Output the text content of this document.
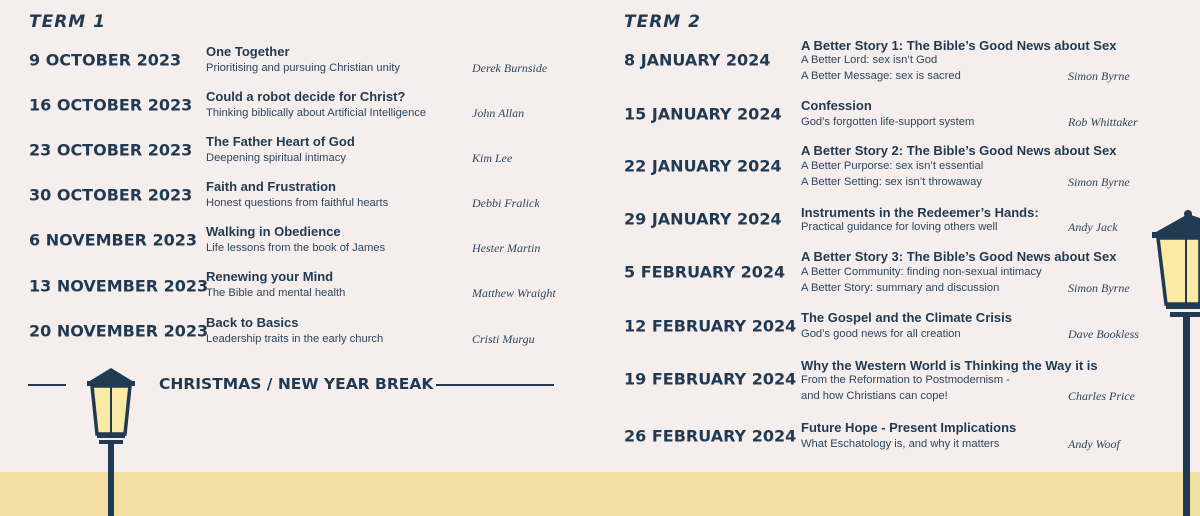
TERM 1
9 OCTOBER 2023 One Together
Prioritising and pursuing Christian unity	Derek Burnside
16 OCTOBER 2023 Could a robot decide for Christ?
Thinking biblically about Artificial Intelligence	John Allan
23 OCTOBER 2023 The Father Heart of God
Deepening spiritual intimacy	Kim Lee
30 OCTOBER 2023 Faith and Frustration
Honest questions from faithful hearts	Debbi Fralick
6 NOVEMBER 2023 Walking in Obedience
Life lessons from the book of James	Hester Martin
13 NOVEMBER 2023
Renewing your Mind
The Bible and mental health	Matthew Wraight
20 NOVEMBER 2023
Back to Basics
Leadership traits in the early church	Cristi Murgu
CHRISTMAS / NEW YEAR BREAK
TERM 2
8 JANUARY 2024
A Better Story 1: The Bible’s Good News about Sex
A Better Lord: sex isn’t God
A Better Message: sex is sacred	Simon Byrne
15 JANUARY 2024 Confession
God’s forgotten life-support system	Rob Whittaker
22 JANUARY 2024
A Better Story 2: The Bible’s Good News about Sex
A Better Purporse: sex isn’t essential
A Better Setting: sex isn’t throwaway	Simon Byrne
29 JANUARY 2024 Instruments in the Redeemer’s Hands:
Practical guidance for loving others well	Andy Jack
5 FEBRUARY 2024
A Better Story 3: The Bible’s Good News about Sex
A Better Community: finding non-sexual intimacy
A Better Story: summary and discussion	Simon Byrne
12 FEBRUARY 2024 The Gospel and the Climate Crisis
God’s good news for all creation	Dave Bookless
19 FEBRUARY 2024
Why the Western World is Thinking the Way it is
From the Reformation to Postmodernism -
and how Christians can cope!	Charles Price
26 FEBRUARY 2024 Future Hope - Present Implications
What Eschatology is, and why it matters	Andy Woof
